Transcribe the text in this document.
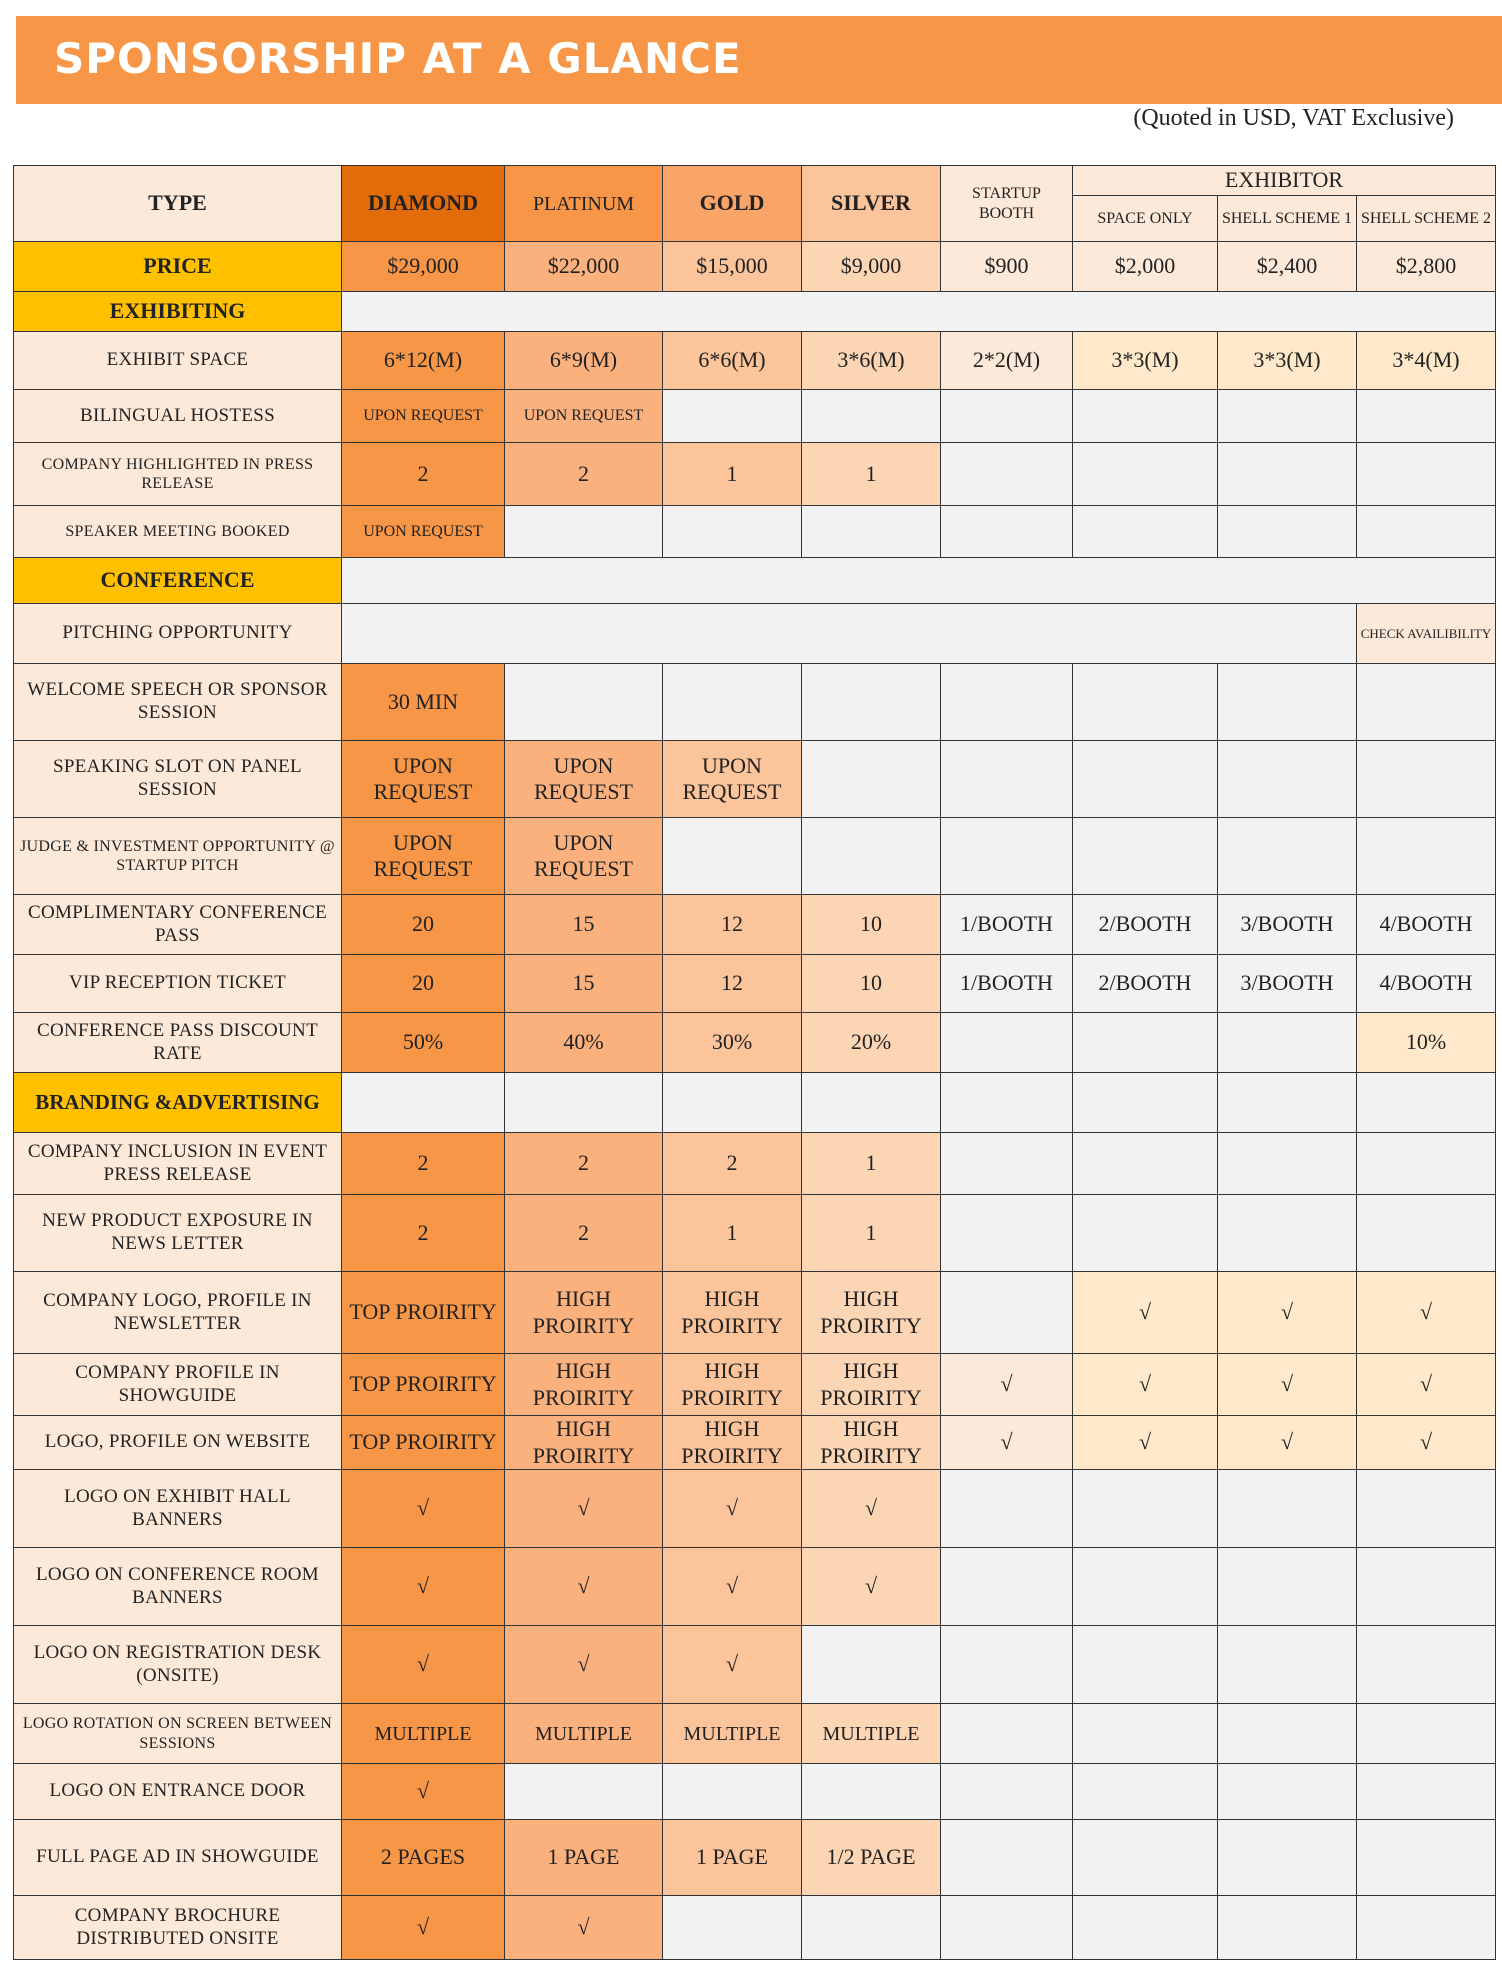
SPONSORSHIP AT A GLANCE
(Quoted in USD, VAT Exclusive)
TYPE	DIAMOND	PLATINUM	GOLD	SILVER	STARTUP BOOTH	EXHIBITOR		
						SPACE ONLY	SHELL SCHEME 1	SHELL SCHEME 2
PRICE	$29,000	$22,000	$15,000	$9,000	$900	$2,000	$2,400	$2,800
EXHIBITING								
EXHIBIT SPACE	6*12(M)	6*9(M)	6*6(M)	3*6(M)	2*2(M)	3*3(M)	3*3(M)	3*4(M)
BILINGUAL HOSTESS	UPON REQUEST	UPON REQUEST						
COMPANY HIGHLIGHTED IN PRESS RELEASE	2	2	1	1				
SPEAKER MEETING BOOKED	UPON REQUEST							
CONFERENCE								
PITCHING OPPORTUNITY								CHECK AVAILIBILITY
WELCOME SPEECH OR SPONSOR SESSION	30 MIN							
SPEAKING SLOT ON PANEL SESSION	UPON REQUEST	UPON REQUEST	UPON REQUEST					
JUDGE & INVESTMENT OPPORTUNITY @ STARTUP PITCH	UPON REQUEST	UPON REQUEST						
COMPLIMENTARY CONFERENCE PASS	20	15	12	10	1/BOOTH	2/BOOTH	3/BOOTH	4/BOOTH
VIP RECEPTION TICKET	20	15	12	10	1/BOOTH	2/BOOTH	3/BOOTH	4/BOOTH
CONFERENCE PASS DISCOUNT RATE	50%	40%	30%	20%				10%
BRANDING &ADVERTISING								
COMPANY INCLUSION IN EVENT PRESS RELEASE	2	2	2	1				
NEW PRODUCT EXPOSURE IN NEWS LETTER	2	2	1	1				
COMPANY LOGO, PROFILE IN NEWSLETTER	TOP PROIRITY	HIGH PROIRITY	HIGH PROIRITY	HIGH PROIRITY		√	√	√
COMPANY PROFILE IN SHOWGUIDE	TOP PROIRITY	HIGH PROIRITY	HIGH PROIRITY	HIGH PROIRITY	√	√	√	√
LOGO, PROFILE ON WEBSITE	TOP PROIRITY	HIGH PROIRITY	HIGH PROIRITY	HIGH PROIRITY	√	√	√	√
LOGO ON EXHIBIT HALL BANNERS	√	√	√	√				
LOGO ON CONFERENCE ROOM BANNERS	√	√	√	√				
LOGO ON REGISTRATION DESK (ONSITE)	√	√	√					
LOGO ROTATION ON SCREEN BETWEEN SESSIONS	MULTIPLE	MULTIPLE	MULTIPLE	MULTIPLE				
LOGO ON ENTRANCE DOOR	√							
FULL PAGE AD IN SHOWGUIDE	2 PAGES	1 PAGE	1 PAGE	1/2 PAGE				
COMPANY BROCHURE DISTRIBUTED ONSITE	√	√						
